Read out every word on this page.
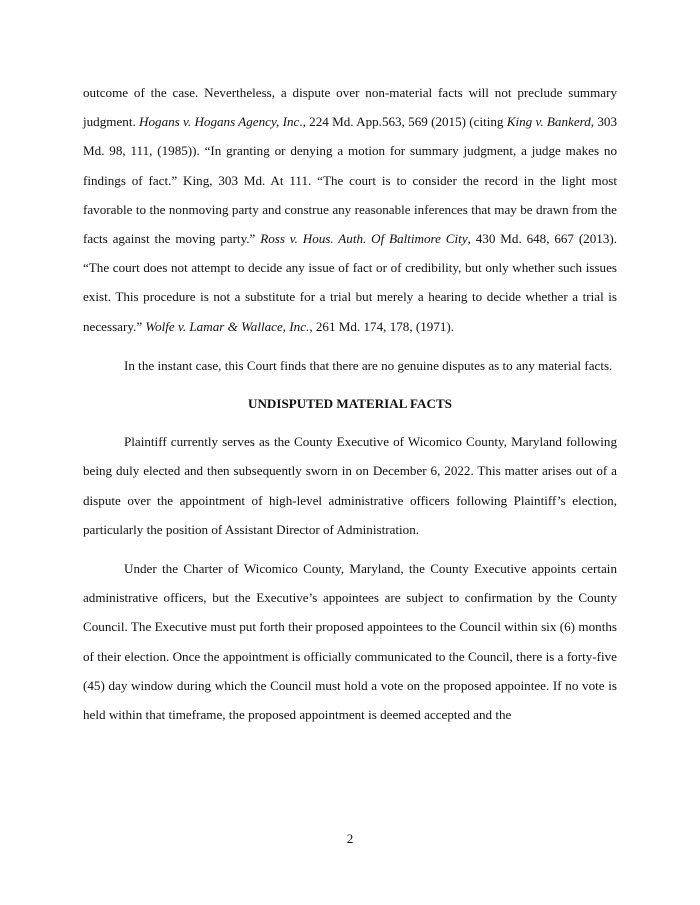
outcome of the case. Nevertheless, a dispute over non-material facts will not preclude summary judgment. Hogans v. Hogans Agency, Inc., 224 Md. App.563, 569 (2015) (citing King v. Bankerd, 303 Md. 98, 111, (1985)). “In granting or denying a motion for summary judgment, a judge makes no findings of fact.” King, 303 Md. At 111. “The court is to consider the record in the light most favorable to the nonmoving party and construe any reasonable inferences that may be drawn from the facts against the moving party.” Ross v. Hous. Auth. Of Baltimore City, 430 Md. 648, 667 (2013). “The court does not attempt to decide any issue of fact or of credibility, but only whether such issues exist. This procedure is not a substitute for a trial but merely a hearing to decide whether a trial is necessary.” Wolfe v. Lamar & Wallace, Inc., 261 Md. 174, 178, (1971).

In the instant case, this Court finds that there are no genuine disputes as to any material facts.

UNDISPUTED MATERIAL FACTS

Plaintiff currently serves as the County Executive of Wicomico County, Maryland following being duly elected and then subsequently sworn in on December 6, 2022. This matter arises out of a dispute over the appointment of high-level administrative officers following Plaintiff’s election, particularly the position of Assistant Director of Administration.

Under the Charter of Wicomico County, Maryland, the County Executive appoints certain administrative officers, but the Executive’s appointees are subject to confirmation by the County Council. The Executive must put forth their proposed appointees to the Council within six (6) months of their election. Once the appointment is officially communicated to the Council, there is a forty-five (45) day window during which the Council must hold a vote on the proposed appointee. If no vote is held within that timeframe, the proposed appointment is deemed accepted and the

2
